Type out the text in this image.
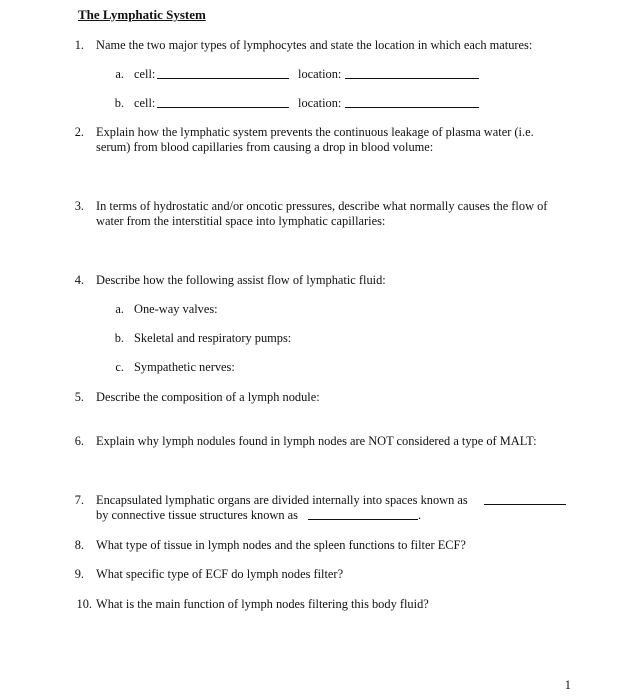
The Lymphatic System
1. Name the two major types of lymphocytes and state the location in which each matures:
a. cell:	location:
b. cell:	location:
2. Explain how the lymphatic system prevents the continuous leakage of plasma water (i.e.
serum) from blood capillaries from causing a drop in blood volume:
3. In terms of hydrostatic and/or oncotic pressures, describe what normally causes the flow of
water from the interstitial space into lymphatic capillaries:
4. Describe how the following assist flow of lymphatic fluid:
a. One-way valves:
b. Skeletal and respiratory pumps:
c. Sympathetic nerves:
5. Describe the composition of a lymph nodule:
6. Explain why lymph nodules found in lymph nodes are NOT considered a type of MALT:
7. Encapsulated lymphatic organs are divided internally into spaces known as
by connective tissue structures known as	.
8. What type of tissue in lymph nodes and the spleen functions to filter ECF?
9. What specific type of ECF do lymph nodes filter?
10. What is the main function of lymph nodes filtering this body fluid?
1
